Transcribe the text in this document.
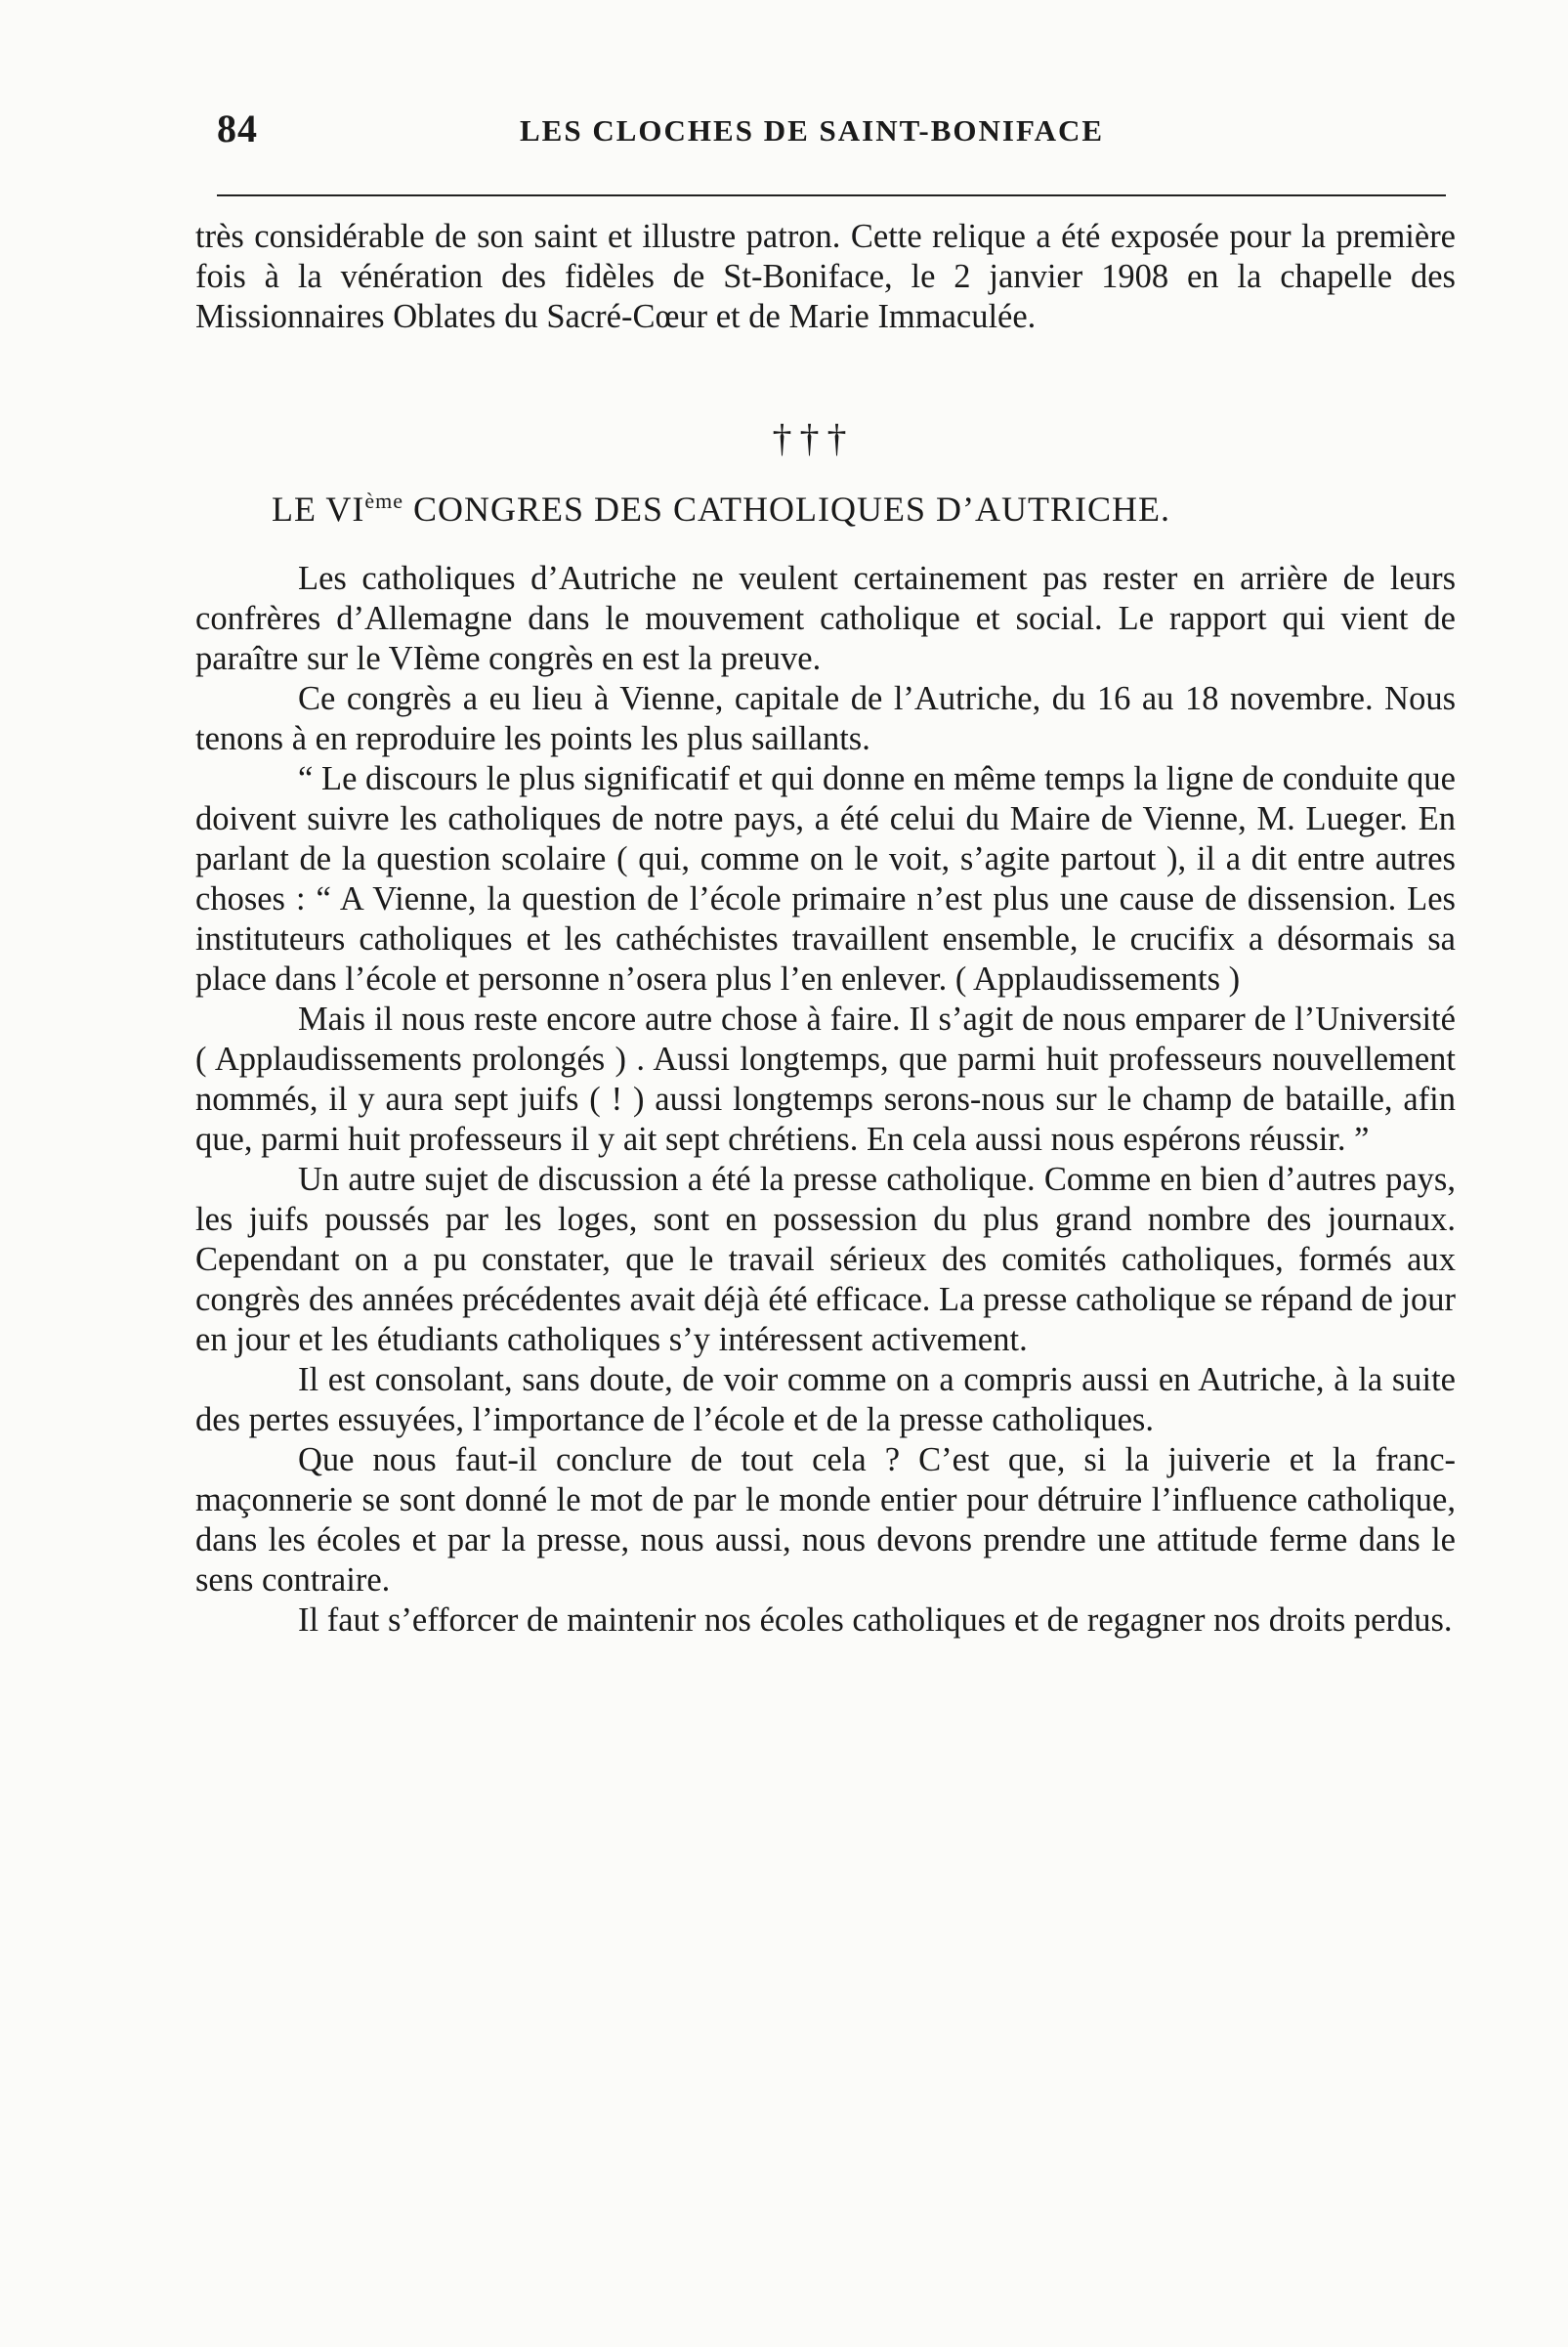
84	LES CLOCHES DE SAINT-BONIFACE

très considérable de son saint et illustre patron. Cette relique a été exposée pour la première fois à la vénération des fidèles de St-Boniface, le 2 janvier 1908 en la chapelle des Missionnaires Oblates du Sacré-Cœur et de Marie Immaculée.

†††
LE VIème CONGRES DES CATHOLIQUES D’AUTRICHE.

Les catholiques d’Autriche ne veulent certainement pas rester en arrière de leurs confrères d’Allemagne dans le mouvement catholique et social. Le rapport qui vient de paraître sur le VIème congrès en est la preuve.

Ce congrès a eu lieu à Vienne, capitale de l’Autriche, du 16 au 18 novembre. Nous tenons à en reproduire les points les plus saillants.

“ Le discours le plus significatif et qui donne en même temps la ligne de conduite que doivent suivre les catholiques de notre pays, a été celui du Maire de Vienne, M. Lueger. En parlant de la question scolaire ( qui, comme on le voit, s’agite partout ), il a dit entre autres choses : “ A Vienne, la question de l’école primaire n’est plus une cause de dissension. Les instituteurs catholiques et les cathéchistes travaillent ensemble, le crucifix a désormais sa place dans l’école et personne n’osera plus l’en enlever. ( Applaudissements )

Mais il nous reste encore autre chose à faire. Il s’agit de nous emparer de l’Université ( Applaudissements prolongés ) . Aussi longtemps, que parmi huit professeurs nouvellement nommés, il y aura sept juifs ( ! ) aussi longtemps serons-nous sur le champ de bataille, afin que, parmi huit professeurs il y ait sept chrétiens. En cela aussi nous espérons réussir. ”

Un autre sujet de discussion a été la presse catholique. Comme en bien d’autres pays, les juifs poussés par les loges, sont en possession du plus grand nombre des journaux. Cependant on a pu constater, que le travail sérieux des comités catholiques, formés aux congrès des années précédentes avait déjà été efficace. La presse catholique se répand de jour en jour et les étudiants catholiques s’y intéressent activement.

Il est consolant, sans doute, de voir comme on a compris aussi en Autriche, à la suite des pertes essuyées, l’importance de l’école et de la presse catholiques.

Que nous faut-il conclure de tout cela ? C’est que, si la juiverie et la franc-maçonnerie se sont donné le mot de par le monde entier pour détruire l’influence catholique, dans les écoles et par la presse, nous aussi, nous devons prendre une attitude ferme dans le sens contraire.

Il faut s’efforcer de maintenir nos écoles catholiques et de regagner nos droits perdus.
